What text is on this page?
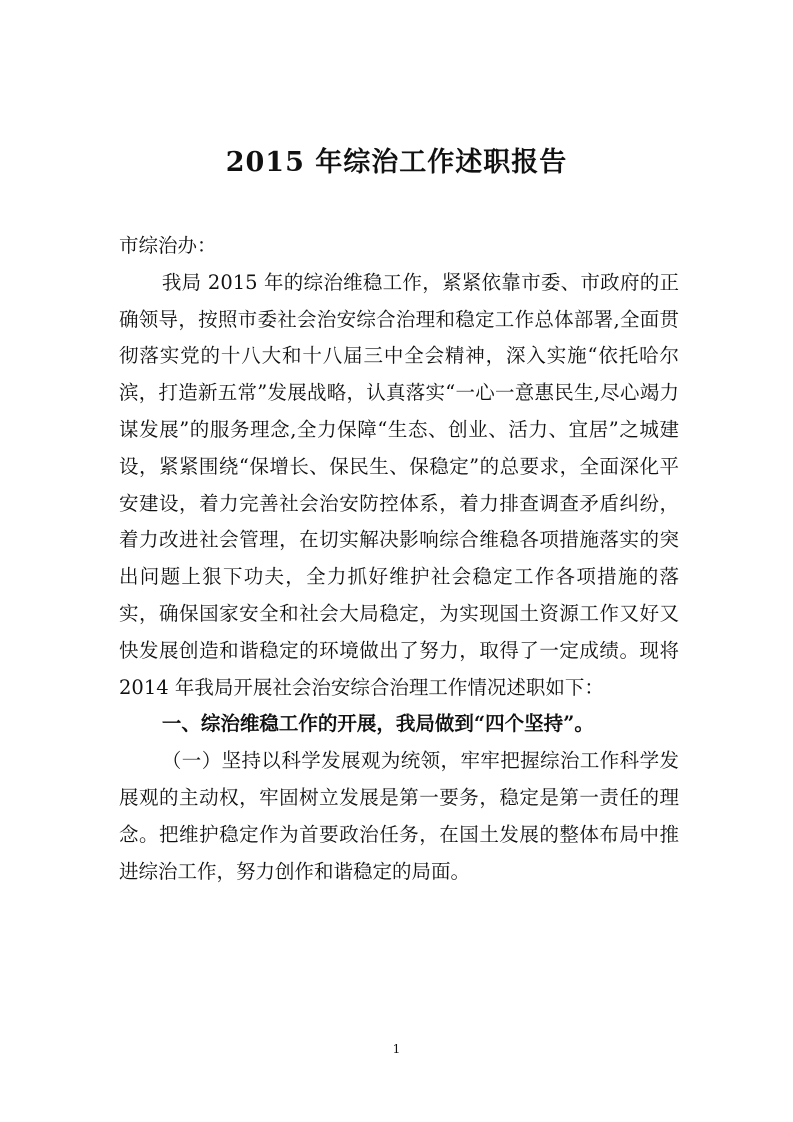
2015 年综治工作述职报告

市综治办：

我局 2015 年的综治维稳工作，紧紧依靠市委、市政府的正确领导，按照市委社会治安综合治理和稳定工作总体部署,全面贯彻落实党的十八大和十八届三中全会精神，深入实施“依托哈尔滨，打造新五常”发展战略，认真落实“一心一意惠民生,尽心竭力谋发展”的服务理念,全力保障“生态、创业、活力、宜居”之城建设，紧紧围绕“保增长、保民生、保稳定”的总要求，全面深化平安建设，着力完善社会治安防控体系，着力排查调查矛盾纠纷，着力改进社会管理，在切实解决影响综合维稳各项措施落实的突出问题上狠下功夫，全力抓好维护社会稳定工作各项措施的落实，确保国家安全和社会大局稳定，为实现国土资源工作又好又快发展创造和谐稳定的环境做出了努力，取得了一定成绩。现将 2014 年我局开展社会治安综合治理工作情况述职如下：

一、综治维稳工作的开展，我局做到“四个坚持”。

（一）坚持以科学发展观为统领，牢牢把握综治工作科学发展观的主动权，牢固树立发展是第一要务，稳定是第一责任的理念。把维护稳定作为首要政治任务，在国土发展的整体布局中推进综治工作，努力创作和谐稳定的局面。

1
